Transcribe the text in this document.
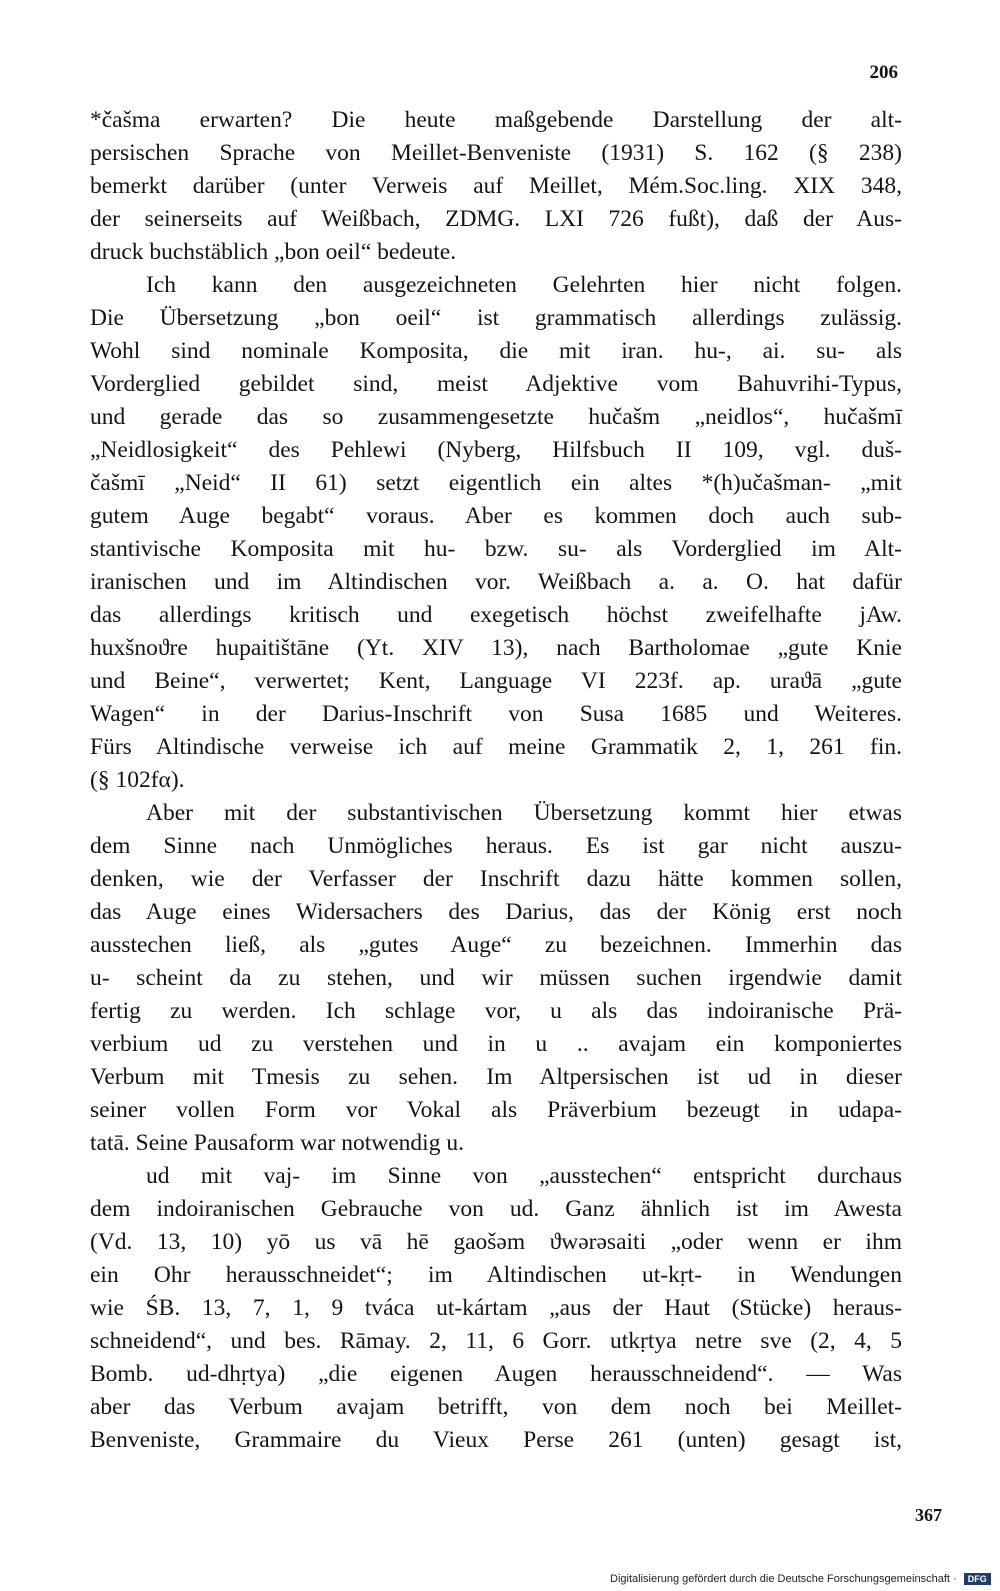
206
*čašma erwarten? Die heute maßgebende Darstellung der alt-
persischen Sprache von Meillet-Benveniste (1931) S. 162 (§ 238)
bemerkt darüber (unter Verweis auf Meillet, Mém.Soc.ling. XIX 348,
der seinerseits auf Weißbach, ZDMG. LXI 726 fußt), daß der Aus-
druck buchstäblich „bon oeil“ bedeute.
Ich kann den ausgezeichneten Gelehrten hier nicht folgen.
Die Übersetzung „bon oeil“ ist grammatisch allerdings zulässig.
Wohl sind nominale Komposita, die mit iran. hu-, ai. su- als
Vorderglied gebildet sind, meist Adjektive vom Bahuvrihi-Typus,
und gerade das so zusammengesetzte hučašm „neidlos“, hučašmī
„Neidlosigkeit“ des Pehlewi (Nyberg, Hilfsbuch II 109, vgl. duš-
čašmī „Neid“ II 61) setzt eigentlich ein altes *(h)učašman- „mit
gutem Auge begabt“ voraus. Aber es kommen doch auch sub-
stantivische Komposita mit hu- bzw. su- als Vorderglied im Alt-
iranischen und im Altindischen vor. Weißbach a. a. O. hat dafür
das allerdings kritisch und exegetisch höchst zweifelhafte jAw.
huxšnoϑre hupaitištāne (Yt. XIV 13), nach Bartholomae „gute Knie
und Beine“, verwertet; Kent, Language VI 223f. ap. uraϑā „gute
Wagen“ in der Darius-Inschrift von Susa 1685 und Weiteres.
Fürs Altindische verweise ich auf meine Grammatik 2, 1, 261 fin.
(§ 102fα).
Aber mit der substantivischen Übersetzung kommt hier etwas
dem Sinne nach Unmögliches heraus. Es ist gar nicht auszu-
denken, wie der Verfasser der Inschrift dazu hätte kommen sollen,
das Auge eines Widersachers des Darius, das der König erst noch
ausstechen ließ, als „gutes Auge“ zu bezeichnen. Immerhin das
u- scheint da zu stehen, und wir müssen suchen irgendwie damit
fertig zu werden. Ich schlage vor, u als das indoiranische Prä-
verbium ud zu verstehen und in u .. avajam ein komponiertes
Verbum mit Tmesis zu sehen. Im Altpersischen ist ud in dieser
seiner vollen Form vor Vokal als Präverbium bezeugt in udapa-
tatā. Seine Pausaform war notwendig u.
ud mit vaj- im Sinne von „ausstechen“ entspricht durchaus
dem indoiranischen Gebrauche von ud. Ganz ähnlich ist im Awesta
(Vd. 13, 10) yō us vā hē gaošəm ϑwərəsaiti „oder wenn er ihm
ein Ohr herausschneidet“; im Altindischen ut-kṛt- in Wendungen
wie ŚB. 13, 7, 1, 9 tváca ut-kártam „aus der Haut (Stücke) heraus-
schneidend“, und bes. Rāmay. 2, 11, 6 Gorr. utkṛtya netre sve (2, 4, 5
Bomb. ud-dhṛtya) „die eigenen Augen herausschneidend“. — Was
aber das Verbum avajam betrifft, von dem noch bei Meillet-
Benveniste, Grammaire du Vieux Perse 261 (unten) gesagt ist,
367
Digitalisierung gefördert durch die Deutsche Forschungsgemeinschaft · DFG
